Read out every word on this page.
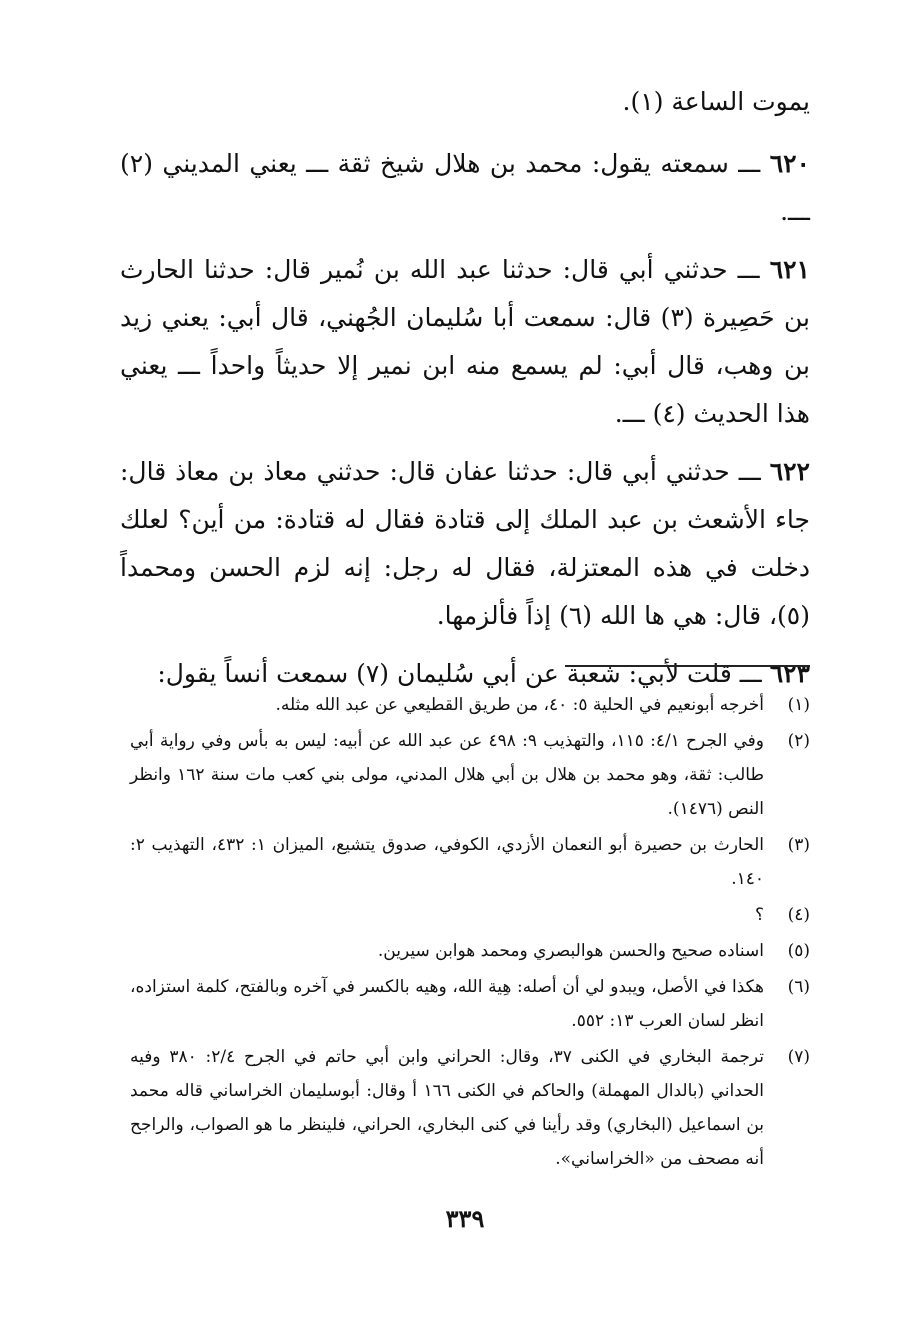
يموت الساعة (١).

٦٢٠ ـــ سمعته يقول: محمد بن هلال شيخ ثقة ـــ يعني المديني (٢) ـــ.

٦٢١ ـــ حدثني أبي قال: حدثنا عبد الله بن نُمير قال: حدثنا الحارث بن حَصِيرة (٣) قال: سمعت أبا سُليمان الجُهني، قال أبي: يعني زيد بن وهب، قال أبي: لم يسمع منه ابن نمير إلا حديثاً واحداً ـــ يعني هذا الحديث (٤) ـــ.

٦٢٢ ـــ حدثني أبي قال: حدثنا عفان قال: حدثني معاذ بن معاذ قال: جاء الأشعث بن عبد الملك إلى قتادة فقال له قتادة: من أين؟ لعلك دخلت في هذه المعتزلة، فقال له رجل: إنه لزم الحسن ومحمداً (٥)، قال: هي ها الله (٦) إذاً فألزمها.

٦٢٣ ـــ قلت لأبي: شعبة عن أبي سُليمان (٧) سمعت أنساً يقول:

(١)
أخرجه أبونعيم في الحلية ٥: ٤٠، من طريق القطيعي عن عبد الله مثله.
(٢)
وفي الجرح ٤/١: ١١٥، والتهذيب ٩: ٤٩٨ عن عبد الله عن أبيه: ليس به بأس وفي رواية أبي طالب: ثقة، وهو محمد بن هلال بن أبي هلال المدني، مولى بني كعب مات سنة ١٦٢ وانظر النص (١٤٧٦).
(٣)
الحارث بن حصيرة أبو النعمان الأزدي، الكوفي، صدوق يتشيع، الميزان ١: ٤٣٢، التهذيب ٢: ١٤٠.
(٤)
؟
(٥)
اسناده صحيح والحسن هوالبصري ومحمد هوابن سيرين.
(٦)
هكذا في الأصل، ويبدو لي أن أصله: هِية الله، وهيه بالكسر في آخره وبالفتح، كلمة استزاده، انظر لسان العرب ١٣: ٥٥٢.
(٧)
ترجمة البخاري في الكنى ٣٧، وقال: الحراني وابن أبي حاتم في الجرح ٢/٤: ٣٨٠ وفيه الحداني (بالدال المهملة) والحاكم في الكنى ١٦٦ أ وقال: أبوسليمان الخراساني قاله محمد بن اسماعيل (البخاري) وقد رأينا في كنى البخاري، الحراني، فلينظر ما هو الصواب، والراجح أنه مصحف من «الخراساني».
٣٣٩
